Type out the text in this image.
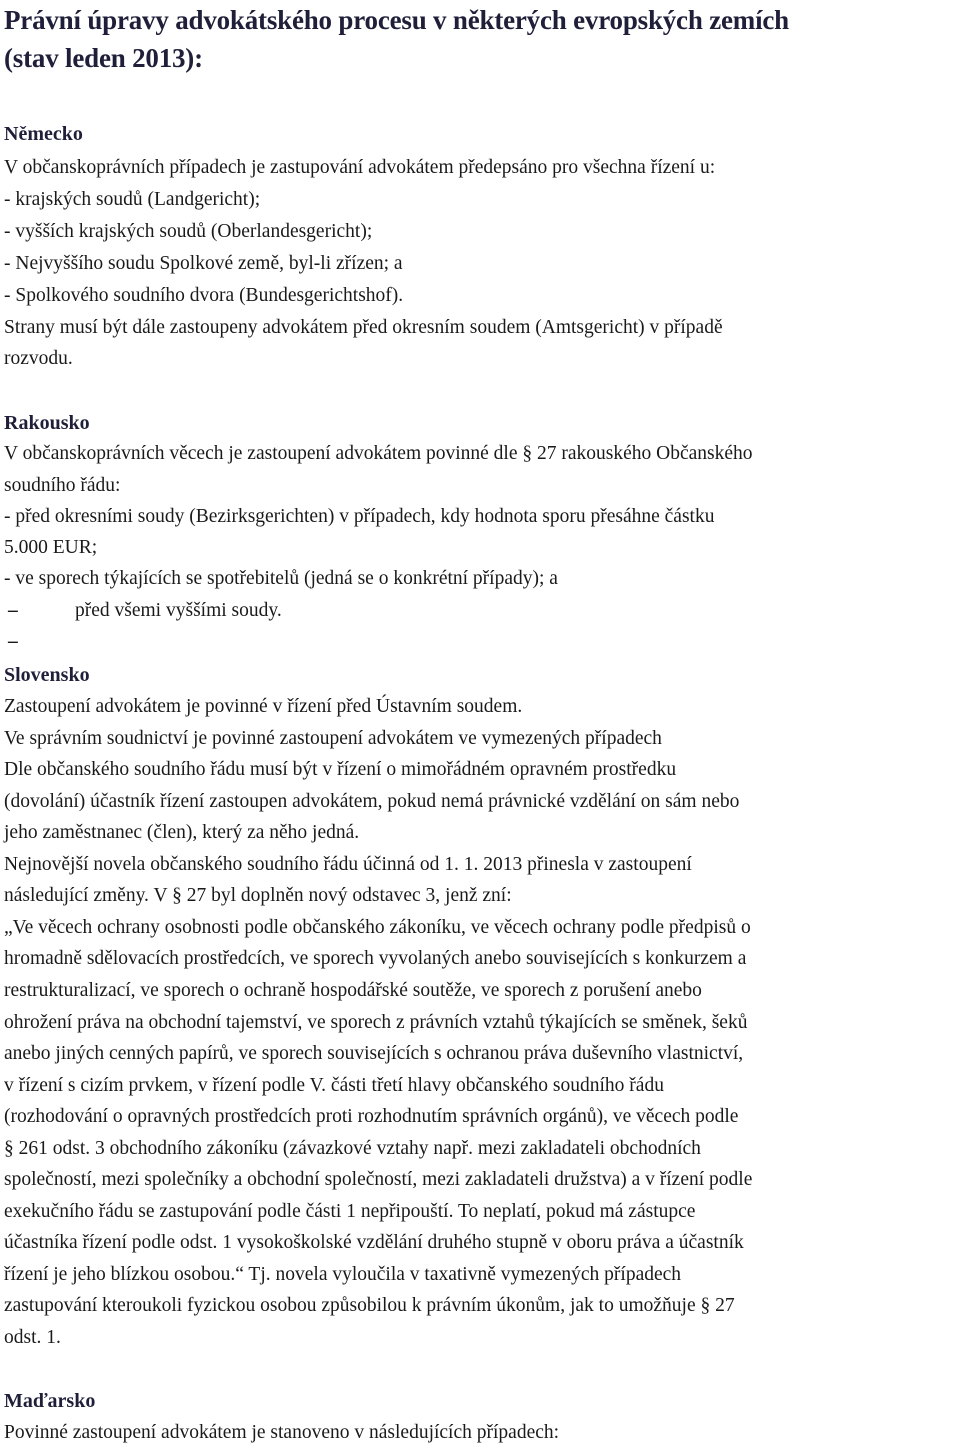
Právní úpravy advokátského procesu v některých evropských zemích
(stav leden 2013):
Německo
V občanskoprávních případech je zastupování advokátem předepsáno pro všechna řízení u:
- krajských soudů (Landgericht);
- vyšších krajských soudů (Oberlandesgericht);
- Nejvyššího soudu Spolkové země, byl-li zřízen; a
- Spolkového soudního dvora (Bundesgerichtshof).
Strany musí být dále zastoupeny advokátem před okresním soudem (Amtsgericht) v případě
rozvodu.
Rakousko
V občanskoprávních věcech je zastoupení advokátem povinné dle § 27 rakouského Občanského
soudního řádu:
- před okresními soudy (Bezirksgerichten) v případech, kdy hodnota sporu přesáhne částku
5.000 EUR;
- ve sporech týkajících se spotřebitelů (jedná se o konkrétní případy); a
–	před všemi vyššími soudy.
–
Slovensko
Zastoupení advokátem je povinné v řízení před Ústavním soudem.
Ve správním soudnictví je povinné zastoupení advokátem ve vymezených případech
Dle občanského soudního řádu musí být v řízení o mimořádném opravném prostředku
(dovolání) účastník řízení zastoupen advokátem, pokud nemá právnické vzdělání on sám nebo
jeho zaměstnanec (člen), který za něho jedná.
Nejnovější novela občanského soudního řádu účinná od 1. 1. 2013 přinesla v zastoupení
následující změny. V § 27 byl doplněn nový odstavec 3, jenž zní:
„Ve věcech ochrany osobnosti podle občanského zákoníku, ve věcech ochrany podle předpisů o
hromadně sdělovacích prostředcích, ve sporech vyvolaných anebo souvisejících s konkurzem a
restrukturalizací, ve sporech o ochraně hospodářské soutěže, ve sporech z porušení anebo
ohrožení práva na obchodní tajemství, ve sporech z právních vztahů týkajících se směnek, šeků
anebo jiných cenných papírů, ve sporech souvisejících s ochranou práva duševního vlastnictví,
v řízení s cizím prvkem, v řízení podle V. části třetí hlavy občanského soudního řádu
(rozhodování o opravných prostředcích proti rozhodnutím správních orgánů), ve věcech podle
§ 261 odst. 3 obchodního zákoníku (závazkové vztahy např. mezi zakladateli obchodních
společností, mezi společníky a obchodní společností, mezi zakladateli družstva) a v řízení podle
exekučního řádu se zastupování podle části 1 nepřipouští. To neplatí, pokud má zástupce
účastníka řízení podle odst. 1 vysokoškolské vzdělání druhého stupně v oboru práva a účastník
řízení je jeho blízkou osobou.“ Tj. novela vyloučila v taxativně vymezených případech
zastupování kterouk​oli fyzickou osobou způsobilou k právním úkonům, jak to umožňuje § 27
odst. 1.
Maďarsko
Povinné zastoupení advokátem je stanoveno v následujících případech:
